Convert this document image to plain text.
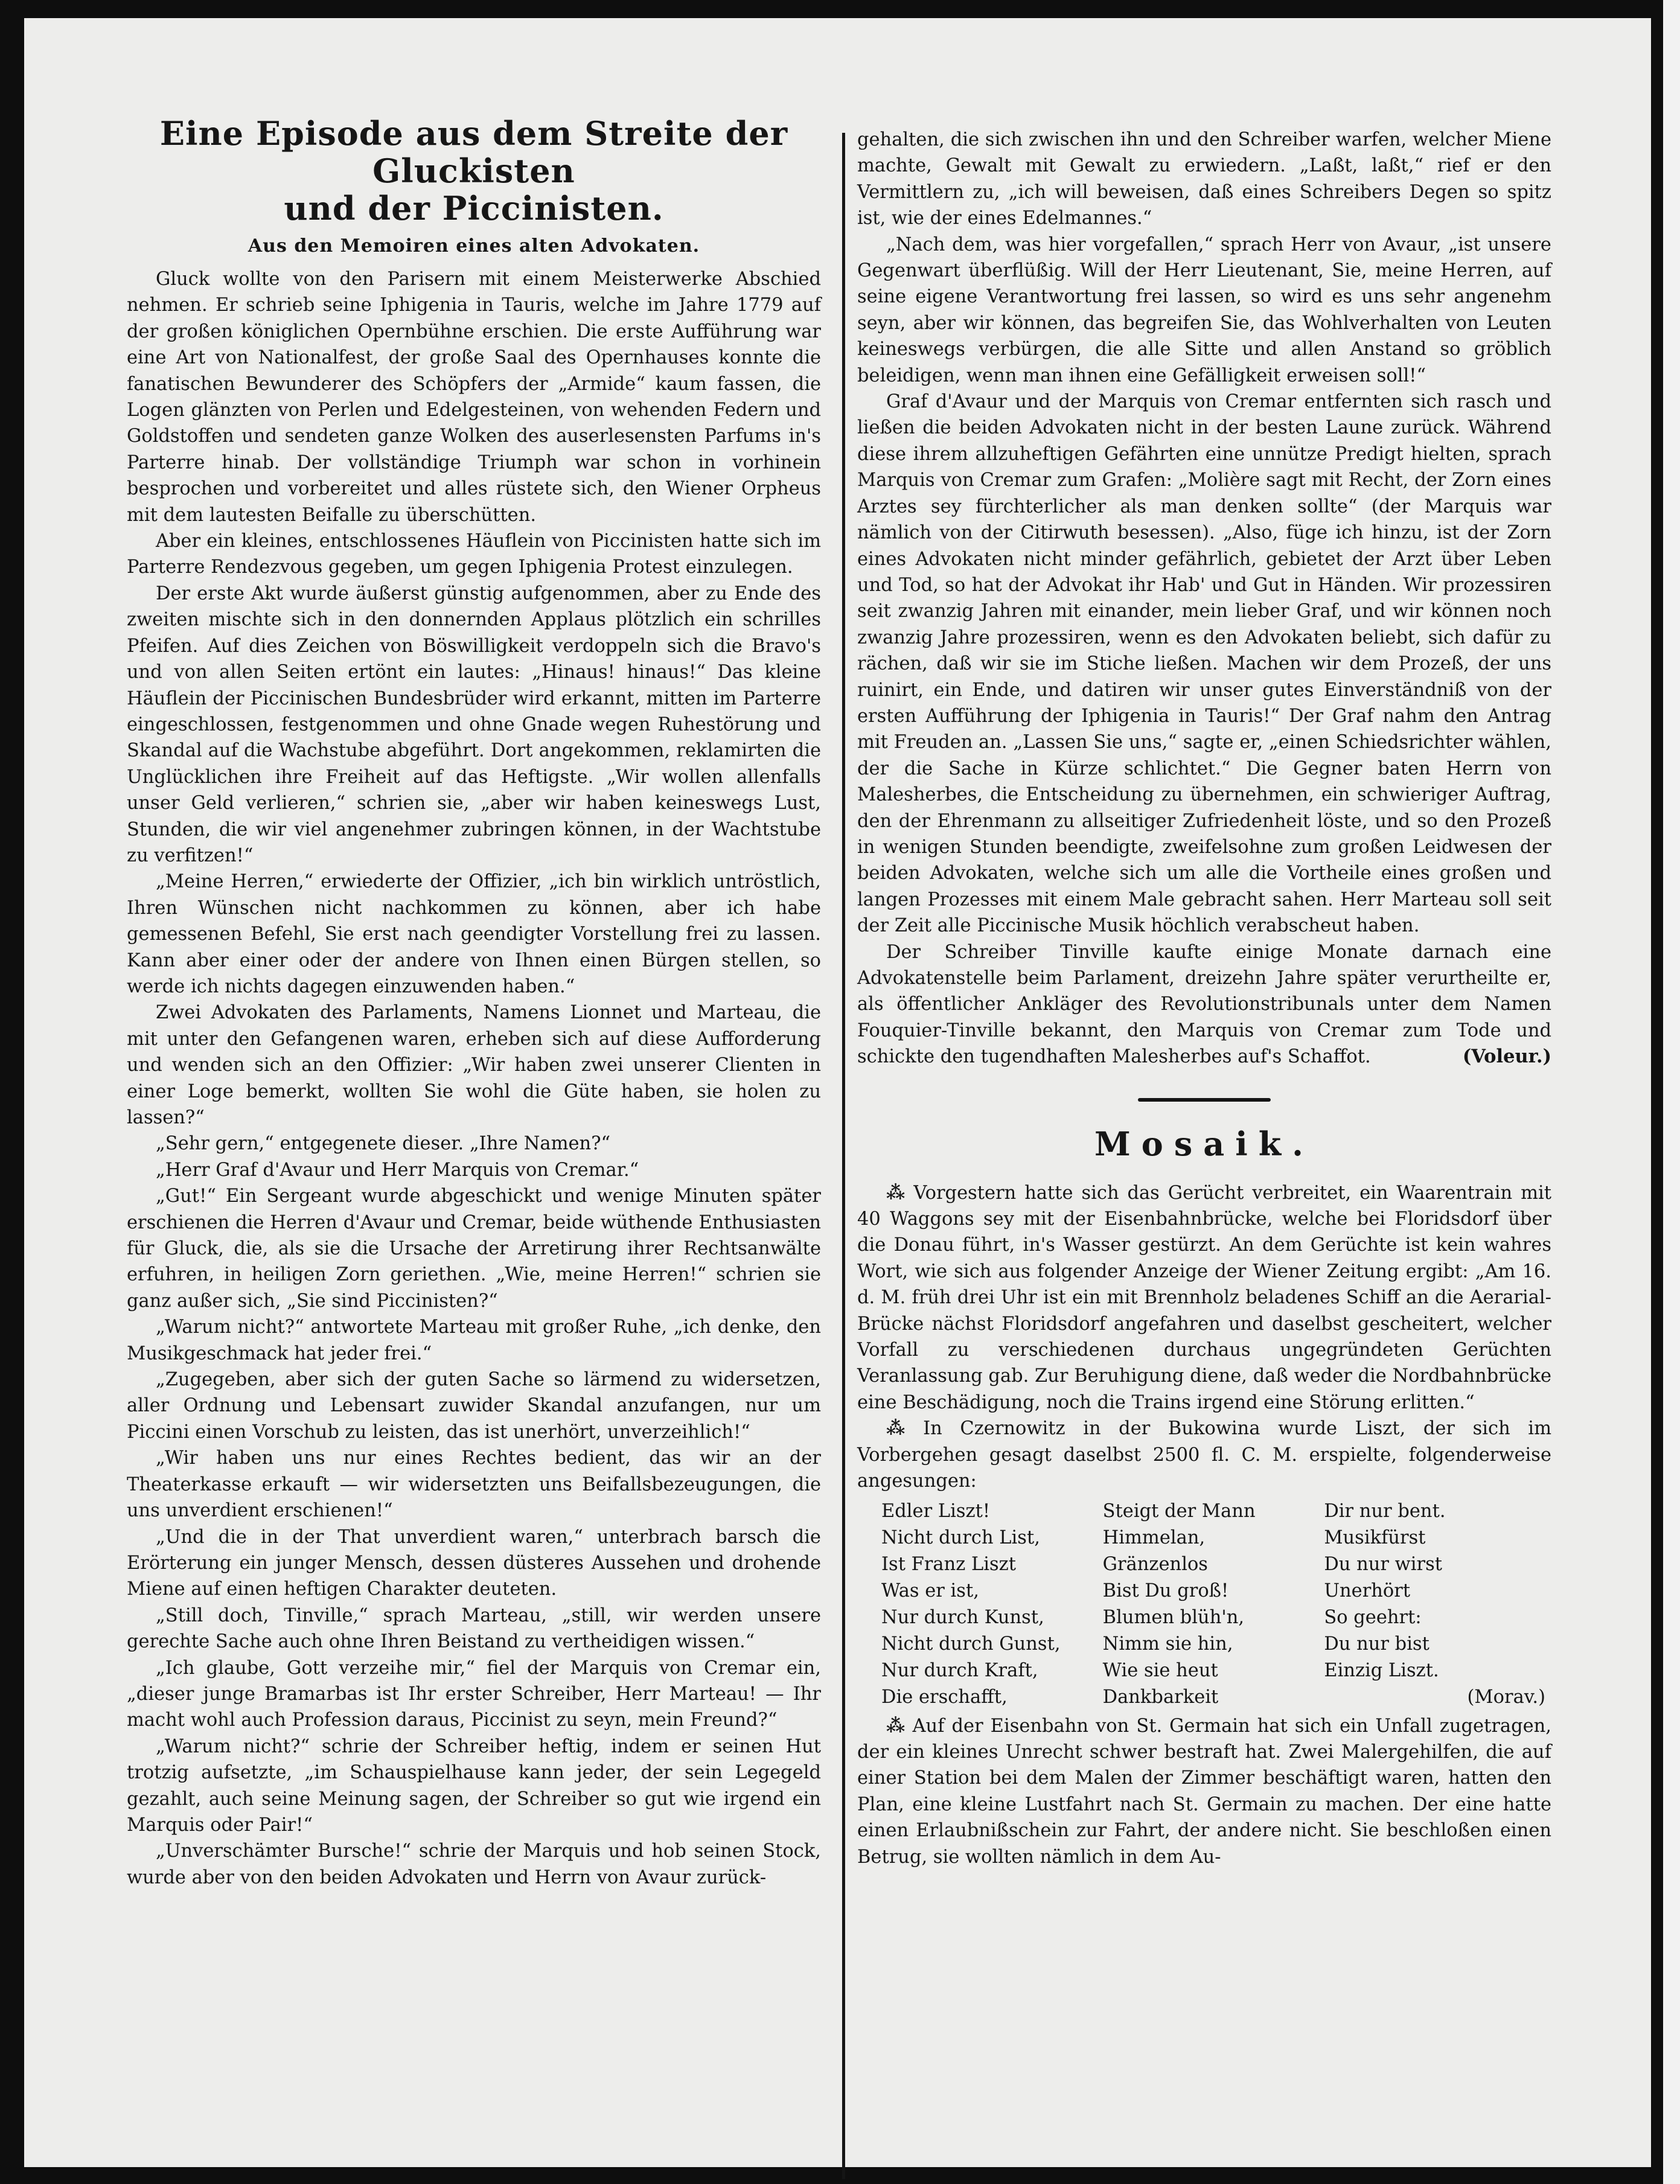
Eine Episode aus dem Streite der Gluckisten
und der Piccinisten.
Aus den Memoiren eines alten Advokaten.

Gluck wollte von den Parisern mit einem Meisterwerke Abschied nehmen. Er schrieb seine Iphigenia in Tauris, welche im Jahre 1779 auf der großen königlichen Opernbühne erschien. Die erste Aufführung war eine Art von Nationalfest, der große Saal des Opernhauses konnte die fanatischen Bewunderer des Schöpfers der „Armide“ kaum fassen, die Logen glänzten von Perlen und Edelgesteinen, von wehenden Federn und Goldstoffen und sendeten ganze Wolken des auserlesensten Parfums in's Parterre hinab. Der vollständige Triumph war schon in vorhinein besprochen und vorbereitet und alles rüstete sich, den Wiener Orpheus mit dem lautesten Beifalle zu überschütten.

Aber ein kleines, entschlossenes Häuflein von Piccinisten hatte sich im Parterre Rendezvous gegeben, um gegen Iphigenia Protest einzulegen.

Der erste Akt wurde äußerst günstig aufgenommen, aber zu Ende des zweiten mischte sich in den donnernden Applaus plötzlich ein schrilles Pfeifen. Auf dies Zeichen von Böswilligkeit verdoppeln sich die Bravo's und von allen Seiten ertönt ein lautes: „Hinaus! hinaus!“ Das kleine Häuflein der Piccinischen Bundesbrüder wird erkannt, mitten im Parterre eingeschlossen, festgenommen und ohne Gnade wegen Ruhestörung und Skandal auf die Wachstube abgeführt. Dort angekommen, reklamirten die Unglücklichen ihre Freiheit auf das Heftigste. „Wir wollen allenfalls unser Geld verlieren,“ schrien sie, „aber wir haben keineswegs Lust, Stunden, die wir viel angenehmer zubringen können, in der Wachtstube zu verfitzen!“

„Meine Herren,“ erwiederte der Offizier, „ich bin wirklich untröstlich, Ihren Wünschen nicht nachkommen zu können, aber ich habe gemessenen Befehl, Sie erst nach geendigter Vorstellung frei zu lassen. Kann aber einer oder der andere von Ihnen einen Bürgen stellen, so werde ich nichts dagegen einzuwenden haben.“

Zwei Advokaten des Parlaments, Namens Lionnet und Marteau, die mit unter den Gefangenen waren, erheben sich auf diese Aufforderung und wenden sich an den Offizier: „Wir haben zwei unserer Clienten in einer Loge bemerkt, wollten Sie wohl die Güte haben, sie holen zu lassen?“

„Sehr gern,“ entgegenete dieser. „Ihre Namen?“

„Herr Graf d'Avaur und Herr Marquis von Cremar.“

„Gut!“ Ein Sergeant wurde abgeschickt und wenige Minuten später erschienen die Herren d'Avaur und Cremar, beide wüthende Enthusiasten für Gluck, die, als sie die Ursache der Arretirung ihrer Rechtsanwälte erfuhren, in heiligen Zorn geriethen. „Wie, meine Herren!“ schrien sie ganz außer sich, „Sie sind Piccinisten?“

„Warum nicht?“ antwortete Marteau mit großer Ruhe, „ich denke, den Musikgeschmack hat jeder frei.“

„Zugegeben, aber sich der guten Sache so lärmend zu widersetzen, aller Ordnung und Lebensart zuwider Skandal anzufangen, nur um Piccini einen Vorschub zu leisten, das ist unerhört, unverzeihlich!“

„Wir haben uns nur eines Rechtes bedient, das wir an der Theaterkasse erkauft — wir widersetzten uns Beifallsbezeugungen, die uns unverdient erschienen!“

„Und die in der That unverdient waren,“ unterbrach barsch die Erörterung ein junger Mensch, dessen düsteres Aussehen und drohende Miene auf einen heftigen Charakter deuteten.

„Still doch, Tinville,“ sprach Marteau, „still, wir werden unsere gerechte Sache auch ohne Ihren Beistand zu vertheidigen wissen.“

„Ich glaube, Gott verzeihe mir,“ fiel der Marquis von Cremar ein, „dieser junge Bramarbas ist Ihr erster Schreiber, Herr Marteau! — Ihr macht wohl auch Profession daraus, Piccinist zu seyn, mein Freund?“

„Warum nicht?“ schrie der Schreiber heftig, indem er seinen Hut trotzig aufsetzte, „im Schauspielhause kann jeder, der sein Legegeld gezahlt, auch seine Meinung sagen, der Schreiber so gut wie irgend ein Marquis oder Pair!“

„Unverschämter Bursche!“ schrie der Marquis und hob seinen Stock, wurde aber von den beiden Advokaten und Herrn von Avaur zurück-

gehalten, die sich zwischen ihn und den Schreiber warfen, welcher Miene machte, Gewalt mit Gewalt zu erwiedern. „Laßt, laßt,“ rief er den Vermittlern zu, „ich will beweisen, daß eines Schreibers Degen so spitz ist, wie der eines Edelmannes.“

„Nach dem, was hier vorgefallen,“ sprach Herr von Avaur, „ist unsere Gegenwart überflüßig. Will der Herr Lieutenant, Sie, meine Herren, auf seine eigene Verantwortung frei lassen, so wird es uns sehr angenehm seyn, aber wir können, das begreifen Sie, das Wohlverhalten von Leuten keineswegs verbürgen, die alle Sitte und allen Anstand so gröblich beleidigen, wenn man ihnen eine Gefälligkeit erweisen soll!“

Graf d'Avaur und der Marquis von Cremar entfernten sich rasch und ließen die beiden Advokaten nicht in der besten Laune zurück. Während diese ihrem allzuheftigen Gefährten eine unnütze Predigt hielten, sprach Marquis von Cremar zum Grafen: „Molière sagt mit Recht, der Zorn eines Arztes sey fürchterlicher als man denken sollte“ (der Marquis war nämlich von der Citirwuth besessen). „Also, füge ich hinzu, ist der Zorn eines Advokaten nicht minder gefährlich, gebietet der Arzt über Leben und Tod, so hat der Advokat ihr Hab' und Gut in Händen. Wir prozessiren seit zwanzig Jahren mit einander, mein lieber Graf, und wir können noch zwanzig Jahre prozessiren, wenn es den Advokaten beliebt, sich dafür zu rächen, daß wir sie im Stiche ließen. Machen wir dem Prozeß, der uns ruinirt, ein Ende, und datiren wir unser gutes Einverständniß von der ersten Aufführung der Iphigenia in Tauris!“ Der Graf nahm den Antrag mit Freuden an. „Lassen Sie uns,“ sagte er, „einen Schiedsrichter wählen, der die Sache in Kürze schlichtet.“ Die Gegner baten Herrn von Malesherbes, die Entscheidung zu übernehmen, ein schwieriger Auftrag, den der Ehrenmann zu allseitiger Zufriedenheit löste, und so den Prozeß in wenigen Stunden beendigte, zweifelsohne zum großen Leidwesen der beiden Advokaten, welche sich um alle die Vortheile eines großen und langen Prozesses mit einem Male gebracht sahen. Herr Marteau soll seit der Zeit alle Piccinische Musik höchlich verabscheut haben.

Der Schreiber Tinville kaufte einige Monate darnach eine Advokatenstelle beim Parlament, dreizehn Jahre später verurtheilte er, als öffentlicher Ankläger des Revolutionstribunals unter dem Namen Fouquier-Tinville bekannt, den Marquis von Cremar zum Tode und schickte den tugendhaften Malesherbes auf's Schaffot.	(Voleur.)

Mosaik.

⁂ Vorgestern hatte sich das Gerücht verbreitet, ein Waarentrain mit 40 Waggons sey mit der Eisenbahnbrücke, welche bei Floridsdorf über die Donau führt, in's Wasser gestürzt. An dem Gerüchte ist kein wahres Wort, wie sich aus folgender Anzeige der Wiener Zeitung ergibt: „Am 16. d. M. früh drei Uhr ist ein mit Brennholz beladenes Schiff an die Aerarial-Brücke nächst Floridsdorf angefahren und daselbst gescheitert, welcher Vorfall zu verschiedenen durchaus ungegründeten Gerüchten Veranlassung gab. Zur Beruhigung diene, daß weder die Nordbahnbrücke eine Beschädigung, noch die Trains irgend eine Störung erlitten.“

⁂ In Czernowitz in der Bukowina wurde Liszt, der sich im Vorbergehen gesagt daselbst 2500 fl. C. M. erspielte, folgenderweise angesungen:

Edler Liszt!	Steigt der Mann	Dir nur bent.
Nicht durch List,	Himmelan,	Musikfürst
Ist Franz Liszt	Gränzenlos	Du nur wirst
Was er ist,	Bist Du groß!	Unerhört
Nur durch Kunst,	Blumen blüh'n,	So geehrt:
Nicht durch Gunst,	Nimm sie hin,	Du nur bist
Nur durch Kraft,	Wie sie heut	Einzig Liszt.
Die erschafft,	Dankbarkeit	(Morav.)

⁂ Auf der Eisenbahn von St. Germain hat sich ein Unfall zugetragen, der ein kleines Unrecht schwer bestraft hat. Zwei Malergehilfen, die auf einer Station bei dem Malen der Zimmer beschäftigt waren, hatten den Plan, eine kleine Lustfahrt nach St. Germain zu machen. Der eine hatte einen Erlaubnißschein zur Fahrt, der andere nicht. Sie beschloßen einen Betrug, sie wollten nämlich in dem Au-
